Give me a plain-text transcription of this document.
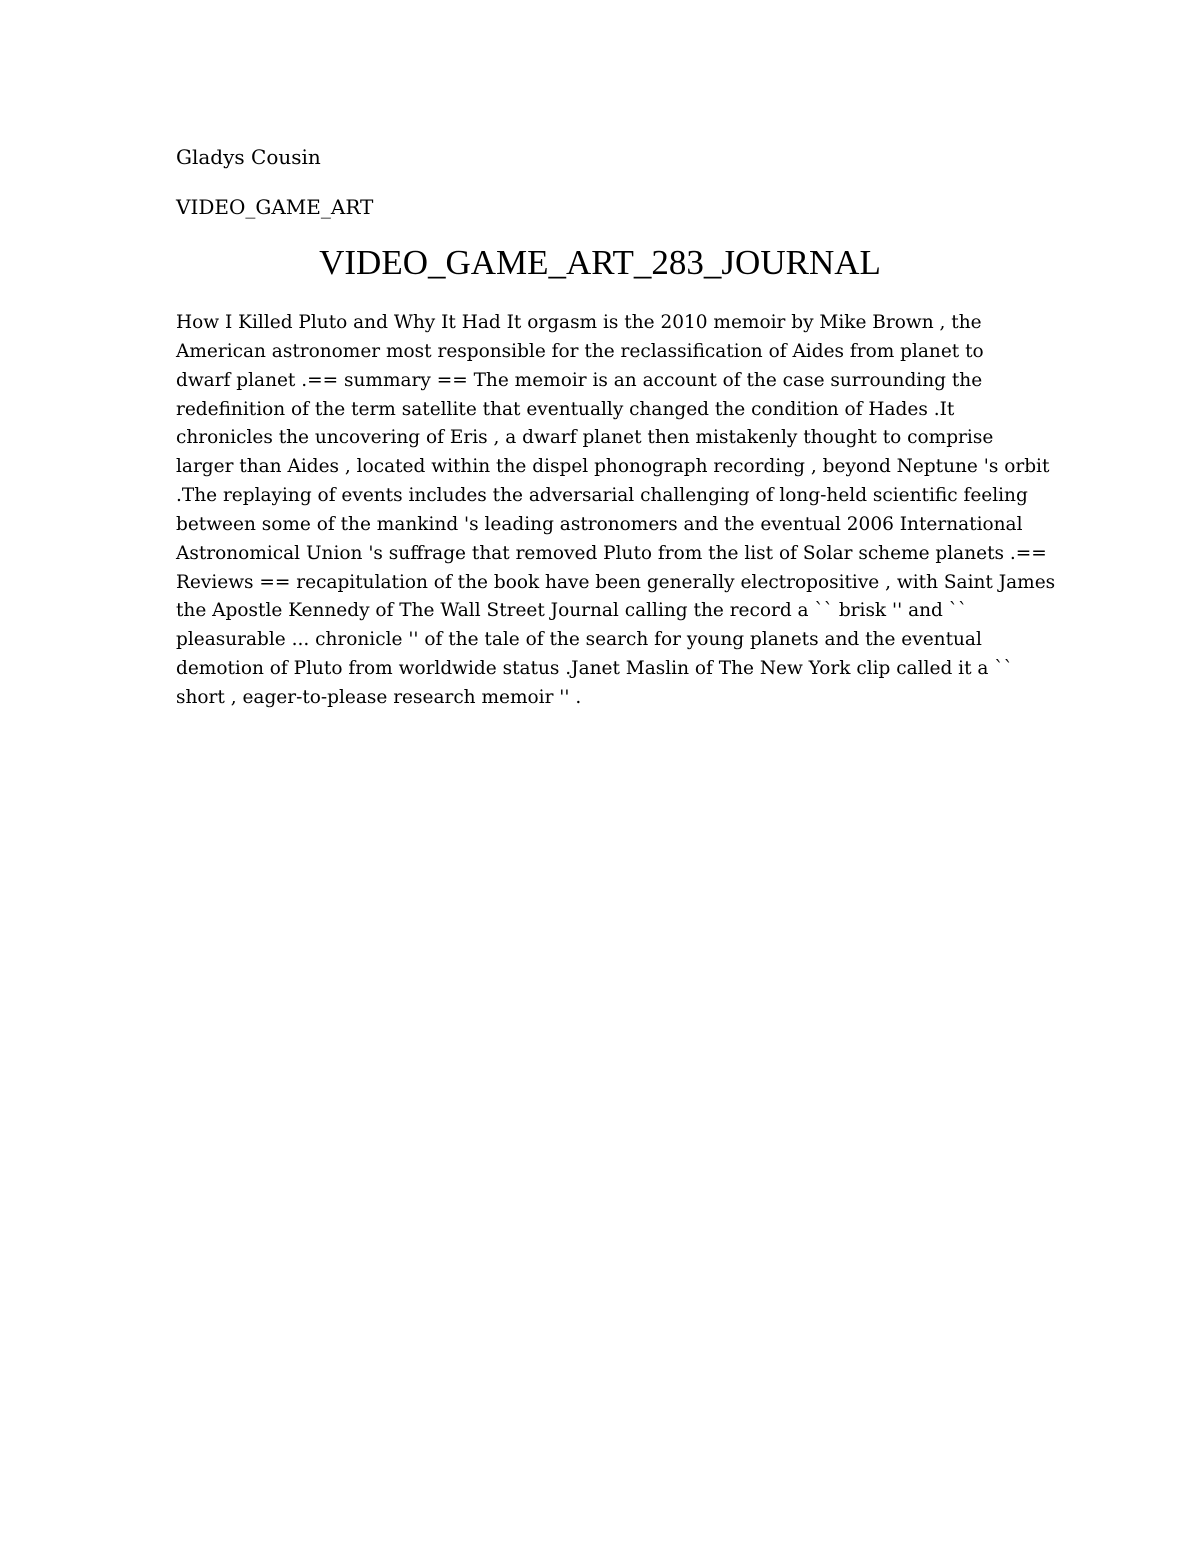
Gladys Cousin
VIDEO_GAME_ART
VIDEO_GAME_ART_283_JOURNAL
How I Killed Pluto and Why It Had It orgasm is the 2010 memoir by Mike Brown , the
American astronomer most responsible for the reclassification of Aides from planet to
dwarf planet .== summary == The memoir is an account of the case surrounding the
redefinition of the term satellite that eventually changed the condition of Hades .It
chronicles the uncovering of Eris , a dwarf planet then mistakenly thought to comprise
larger than Aides , located within the dispel phonograph recording , beyond Neptune 's orbit
.The replaying of events includes the adversarial challenging of long-held scientific feeling
between some of the mankind 's leading astronomers and the eventual 2006 International
Astronomical Union 's suffrage that removed Pluto from the list of Solar scheme planets .==
Reviews == recapitulation of the book have been generally electropositive , with Saint James
the Apostle Kennedy of The Wall Street Journal calling the record a `` brisk '' and ``
pleasurable ... chronicle '' of the tale of the search for young planets and the eventual
demotion of Pluto from worldwide status .Janet Maslin of The New York clip called it a ``
short , eager-to-please research memoir '' .
